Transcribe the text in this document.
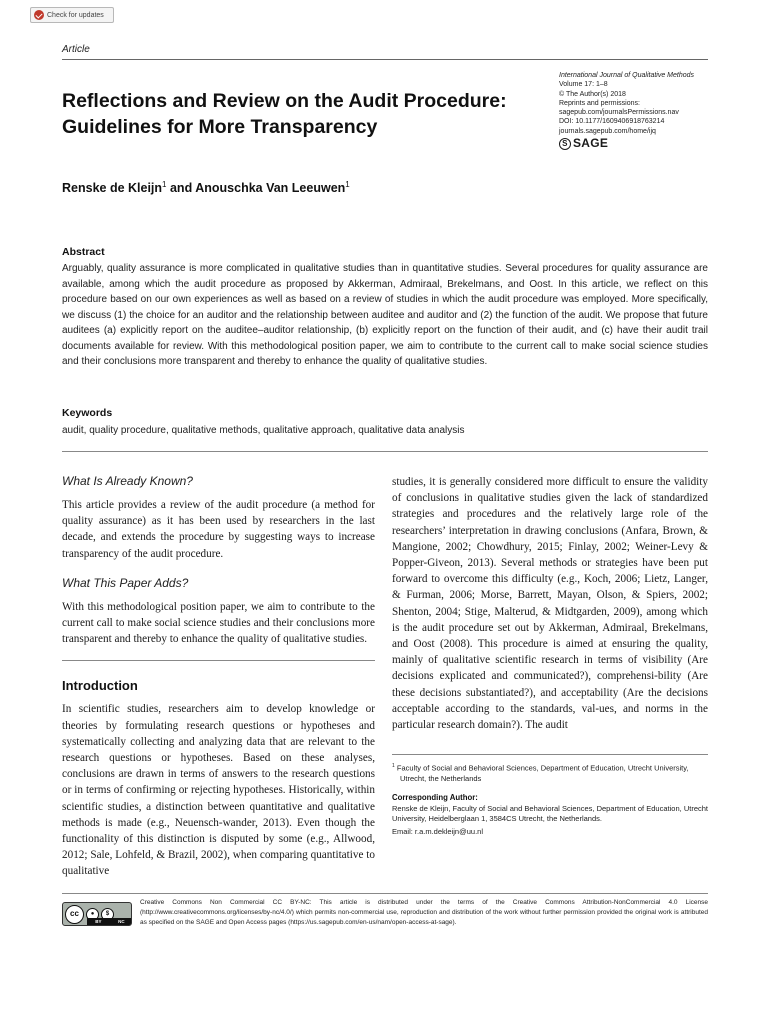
Check for updates
Article
International Journal of Qualitative Methods
Volume 17: 1–8
© The Author(s) 2018
Reprints and permissions:
sagepub.com/journalsPermissions.nav
DOI: 10.1177/1609406918763214
journals.sagepub.com/home/ijq
S SAGE
Reflections and Review on the Audit Procedure: Guidelines for More Transparency
Renske de Kleijn$^1$ and Anouschka Van Leeuwen$^1$
Abstract

Arguably, quality assurance is more complicated in qualitative studies than in quantitative studies. Several procedures for quality assurance are available, among which the audit procedure as proposed by Akkerman, Admiraal, Brekelmans, and Oost. In this article, we reflect on this procedure based on our own experiences as well as based on a review of studies in which the audit procedure was employed. More specifically, we discuss (1) the choice for an auditor and the relationship between auditee and auditor and (2) the function of the audit. We propose that future auditees (a) explicitly report on the auditee–auditor relationship, (b) explicitly report on the function of their audit, and (c) have their audit trail documents available for review. With this methodological position paper, we aim to contribute to the current call to make social science studies and their conclusions more transparent and thereby to enhance the quality of qualitative studies.

Keywords

audit, quality procedure, qualitative methods, qualitative approach, qualitative data analysis

What Is Already Known?

This article provides a review of the audit procedure (a method for quality assurance) as it has been used by researchers in the last decade, and extends the procedure by suggesting ways to increase transparency of the audit procedure.

What This Paper Adds?

With this methodological position paper, we aim to contribute to the current call to make social science studies and their conclusions more transparent and thereby to enhance the quality of qualitative studies.

Introduction

In scientific studies, researchers aim to develop knowledge or theories by formulating research questions or hypotheses and systematically collecting and analyzing data that are relevant to the research questions or hypotheses. Based on these analyses, conclusions are drawn in terms of answers to the research questions or in terms of confirming or rejecting hypotheses. Historically, within scientific studies, a distinction between quantitative and qualitative methods is made (e.g., Neuensch-wander, 2013). Even though the functionality of this distinction is disputed by some (e.g., Allwood, 2012; Sale, Lohfeld, & Brazil, 2002), when comparing quantitative to qualitative

studies, it is generally considered more difficult to ensure the validity of conclusions in qualitative studies given the lack of standardized strategies and procedures and the relatively large role of the researchers’ interpretation in drawing conclusions (Anfara, Brown, & Mangione, 2002; Chowdhury, 2015; Finlay, 2002; Weiner-Levy & Popper-Giveon, 2013). Several methods or strategies have been put forward to overcome this difficulty (e.g., Koch, 2006; Lietz, Langer, & Furman, 2006; Morse, Barrett, Mayan, Olson, & Spiers, 2002; Shenton, 2004; Stige, Malterud, & Midtgarden, 2009), among which is the audit procedure set out by Akkerman, Admiraal, Brekelmans, and Oost (2008). This procedure is aimed at ensuring the quality, mainly of qualitative scientific research in terms of visibility (Are decisions explicated and communicated?), comprehensi-bility (Are these decisions substantiated?), and acceptability (Are the decisions acceptable according to the standards, val-ues, and norms in the particular research domain?). The audit

$^1$ Faculty of Social and Behavioral Sciences, Department of Education, Utrecht University, Utrecht, the Netherlands

Corresponding Author:

Renske de Kleijn, Faculty of Social and Behavioral Sciences, Department of Education, Utrecht University, Heidelberglaan 1, 3584CS Utrecht, the Netherlands.

Email: r.a.m.dekleijn@uu.nl

cc	●	$
BY	NC

Creative Commons Non Commercial CC BY-NC: This article is distributed under the terms of the Creative Commons Attribution-NonCommercial 4.0 License (http://www.creativecommons.org/licenses/by-nc/4.0/) which permits non-commercial use, reproduction and distribution of the work without further permission provided the original work is attributed as specified on the SAGE and Open Access pages (https://us.sagepub.com/en-us/nam/open-access-at-sage).
